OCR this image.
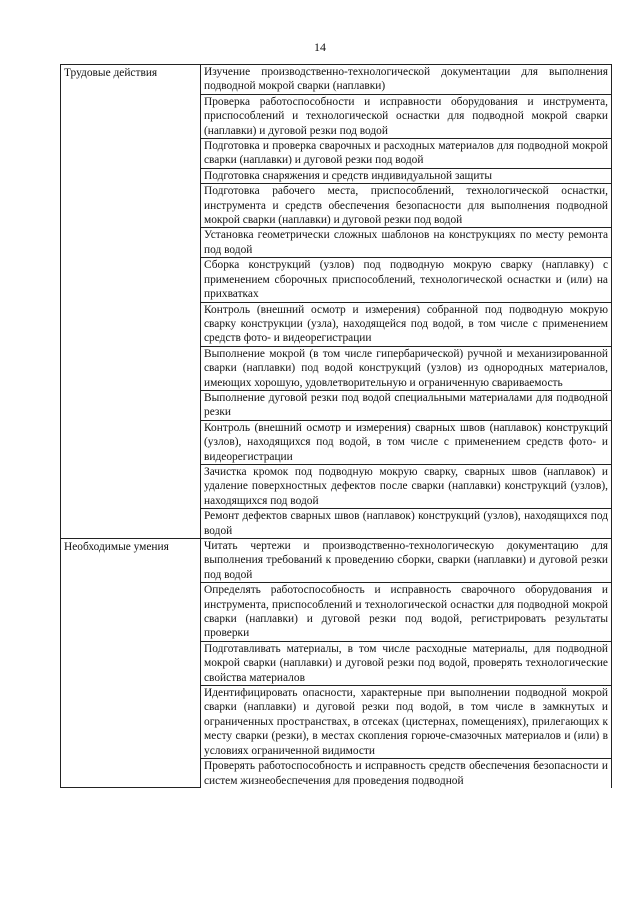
14
Трудовые действия	Изучение производственно-технологической документации для выполнения подводной мокрой сварки (наплавки)
	Проверка работоспособности и исправности оборудования и инструмента, приспособлений и технологической оснастки для подводной мокрой сварки (наплавки) и дуговой резки под водой
	Подготовка и проверка сварочных и расходных материалов для подводной мокрой сварки (наплавки) и дуговой резки под водой
	Подготовка снаряжения и средств индивидуальной защиты
	Подготовка рабочего места, приспособлений, технологической оснастки, инструмента и средств обеспечения безопасности для выполнения подводной мокрой сварки (наплавки) и дуговой резки под водой
	Установка геометрически сложных шаблонов на конструкциях по месту ремонта под водой
	Сборка конструкций (узлов) под подводную мокрую сварку (наплавку) с применением сборочных приспособлений, технологической оснастки и (или) на прихватках
	Контроль (внешний осмотр и измерения) собранной под подводную мокрую сварку конструкции (узла), находящейся под водой, в том числе с применением средств фото- и видеорегистрации
	Выполнение мокрой (в том числе гипербарической) ручной и механизированной сварки (наплавки) под водой конструкций (узлов) из однородных материалов, имеющих хорошую, удовлетворительную и ограниченную свариваемость
	Выполнение дуговой резки под водой специальными материалами для подводной резки
	Контроль (внешний осмотр и измерения) сварных швов (наплавок) конструкций (узлов), находящихся под водой, в том числе с применением средств фото- и видеорегистрации
	Зачистка кромок под подводную мокрую сварку, сварных швов (наплавок) и удаление поверхностных дефектов после сварки (наплавки) конструкций (узлов), находящихся под водой
	Ремонт дефектов сварных швов (наплавок) конструкций (узлов), находящихся под водой
Необходимые умения	Читать чертежи и производственно-технологическую документацию для выполнения требований к проведению сборки, сварки (наплавки) и дуговой резки под водой
	Определять работоспособность и исправность сварочного оборудования и инструмента, приспособлений и технологической оснастки для подводной мокрой сварки (наплавки) и дуговой резки под водой, регистрировать результаты проверки
	Подготавливать материалы, в том числе расходные материалы, для подводной мокрой сварки (наплавки) и дуговой резки под водой, проверять технологические свойства материалов
	Идентифицировать опасности, характерные при выполнении подводной мокрой сварки (наплавки) и дуговой резки под водой, в том числе в замкнутых и ограниченных пространствах, в отсеках (цистернах, помещениях), прилегающих к месту сварки (резки), в местах скопления горюче-смазочных материалов и (или) в условиях ограниченной видимости
	Проверять работоспособность и исправность средств обеспечения безопасности и систем жизнеобеспечения для проведения подводной
